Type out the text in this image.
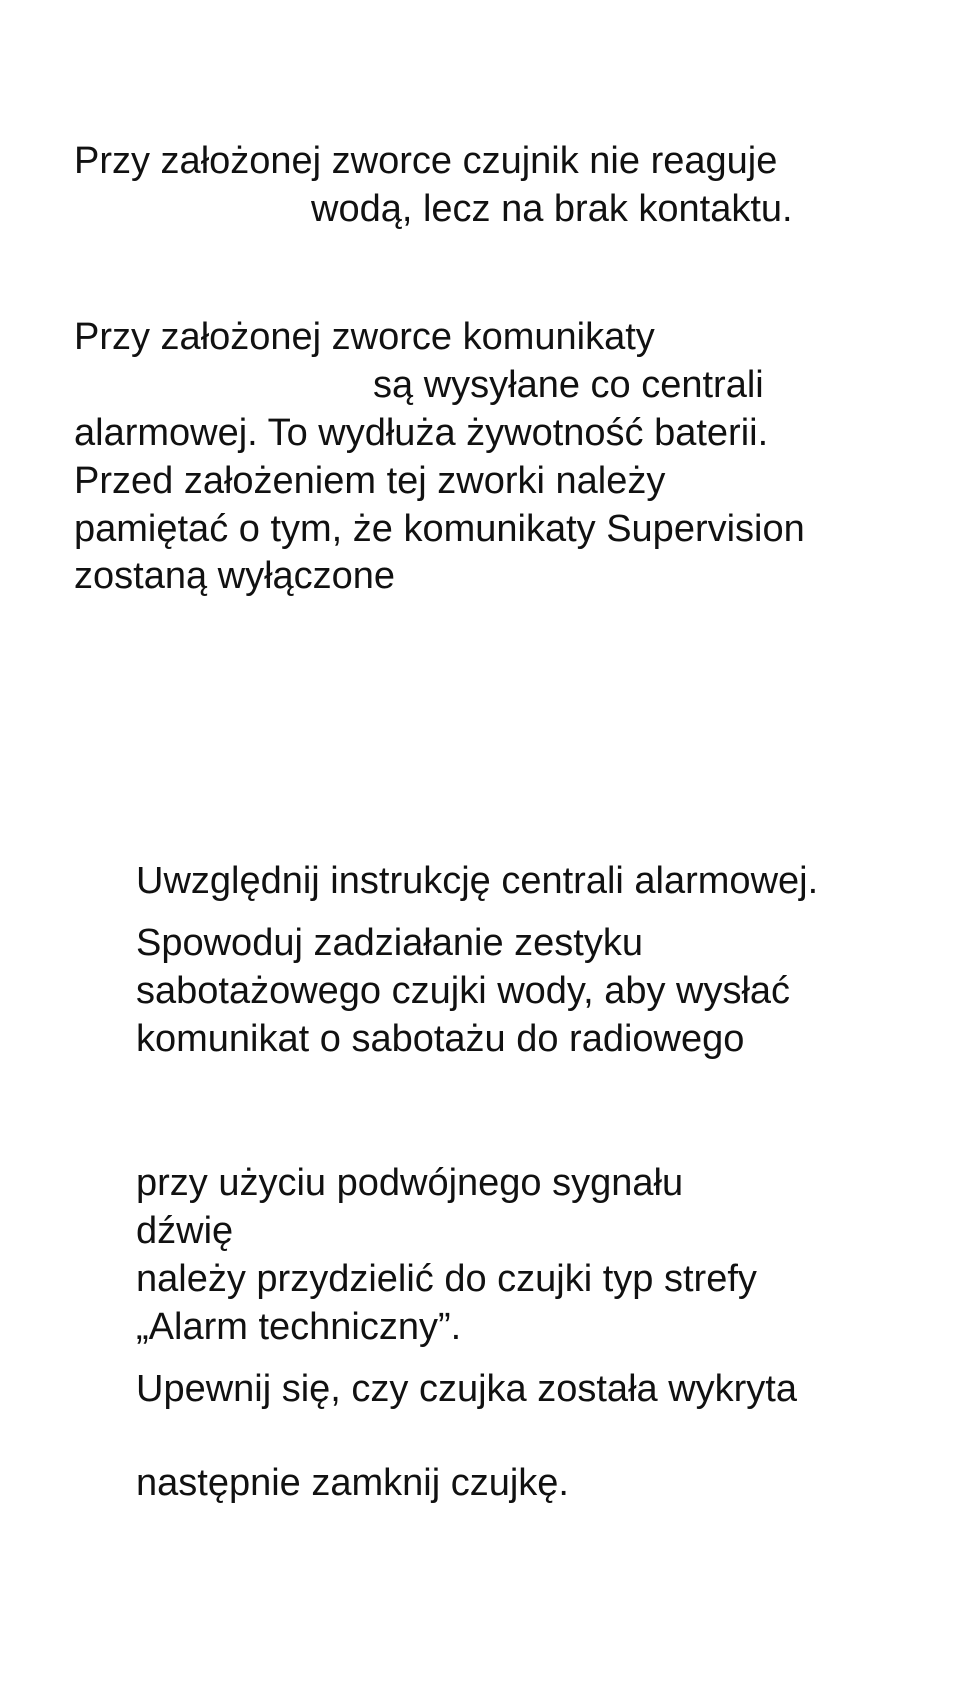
Przy założonej zworce czujnik nie reaguje

wodą, lecz na brak kontaktu.

Przy założonej zworce komunikaty

są wysyłane co centrali

alarmowej. To wydłuża żywotność baterii.

Przed założeniem tej zworki należy

pamiętać o tym, że komunikaty Supervision

zostaną wyłączone

Uwzględnij instrukcję centrali alarmowej.

Spowoduj zadziałanie zestyku

sabotażowego czujki wody, aby wysłać

komunikat o sabotażu do radiowego

przy użyciu podwójnego sygnału

dźwię

należy przydzielić do czujki typ strefy

„Alarm techniczny”.

Upewnij się, czy czujka została wykryta

następnie zamknij czujkę.
